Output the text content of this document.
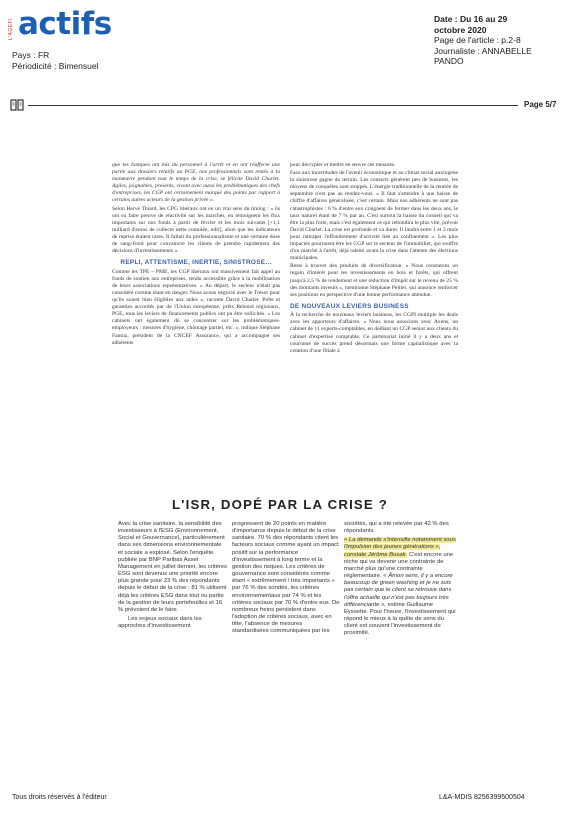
L'AGEFI actifs
Pays : FR
Périodicité : Bimensuel
Date : Du 16 au 29
octobre 2020
Page de l'article : p.2-8
Journaliste : ANNABELLE
PANDO
Page 5/7

que les banques ont mis du personnel à l'arrêt et en ont réaffecté une partie aux dossiers relatifs au PGE, nos professionnels sont restés à la manœuvre pendant tout le temps de la crise, se félicite David Charlet. Agiles, joignables, présents, vivant avec aussi les problématiques des chefs d'entreprises, les CGP ont certainement marqué des points par rapport à certains autres acteurs de la gestion privée ».

Selon Hervé Thiard, les CPG libéraux ont eu un vrai sens du timing : « ils ont su faire preuve de réactivité sur les marchés, en témoignent les flux importants sur nos fonds à partir de février et les mois suivants [+1,1 milliard d'euros de collecte nette cumulée, ndlr], alors que les indicateurs de reprise étaient rares. Il fallait du professionnalisme et une certaine dose de sang-froid pour convaincre les clients de prendre rapidement des décisions d'investissements ».

REPLI, ATTENTISME, INERTIE, SINISTROSE...

Comme les TPE – PME, les CGP libéraux ont massivement fait appel au fonds de soutien aux entreprises, rendu accessible grâce à la mobilisation de leurs associations représentatives. « Au départ, le secteur n'était pas considéré comme étant en danger. Nous avons négocié avec le Trésor pour qu'ils soient bien éligibles aux aides », raconte David Charlet. Prêts et garanties accordés par de l'Union européenne, prêts Rebond régionaux, PGE, tous les leviers de financements publics ont pu être sollicités. « Les cabinets ont également dû se concentrer sur les problématiques-employeurs : mesures d'hygiène, chômage partiel, etc. », indique Stéphane Fantuz, président de la CNCEF Assurance, qui a accompagné ses adhérents

pour décrypter et mettre en œuvre ces mesures.

Face aux incertitudes de l'avenir économique et au climat social anxiogène la sinistrose gagne du terrain. Les contacts générent peu de business, les moyens de conquêtes sont stoppés. L'énergie traditionnelle de la rentrée de septembre n'est pas au rendez-vous. « Il faut s'attendre à une baisse de chiffre d'affaires généralisée, c'est certain. Mais nos adhérents ne sont pas catastrophistes : 6 % d'entre eux craignent de fermer dans les deux ans, le taux naturel étant de 7 % par an. C'est surtout la baisse du conseil qui va être la plus forte, mais c'est également ce qui rebondira le plus vite, prévoit David Charlet. La crise est profonde et va durer. Il faudra entre 1 et 3 mois pour rattraper l'effondrement d'activité liée au confinement ». Les plus impactés pourraient être les CGP sur le secteur de l'immobilier, qui souffre d'un marché à l'arrêt, déjà ralenti avant la crise dans l'attente des élections municipales.

Reste à trouver des produits de diversification. « Nous constatons un regain d'intérêt pour les investissements en bois et forêts, qui offrent jusqu'à 2,5 % de rendement et une réduction d'impôt sur le revenu de 25 % des montants investis », mentionne Stéphane Peltier, qui annonce renforcer ses positions en perspective d'une bonne performance attendue.

DE NOUVEAUX LEVIERS BUSINESS

À la recherche de nouveaux leviers business, les CGPI multiple les deals avec les apporteurs d'affaires. « Nous nous associons avec Axens, un cabinet de 11 experts-comptables, en dédiant un CGP senior aux clients du cabinet d'expertise comptable. Ce partenariat initié il y a deux ans et couronné de succès prend désormais une forme capitalistique avec la création d'une filiale à

L'ISR, DOPÉ PAR LA CRISE ?

Avec la crise sanitaire, la sensibilité des investisseurs à l'ESG (Environnement, Social et Gouvernance), particulièrement dans ses dimensions environnementale et sociale a explosé. Selon l'enquête publiée par BNP Paribas Asset Management en juillet dernier, les critères ESG sont devenus une priorité encore plus grande pour 23 % des répondants depuis le début de la crise : 81 % utilisent déjà les critères ESG dans tout ou partie de la gestion de leurs portefeuilles et 16 % prévoient de le faire.

Les enjeux sociaux dans les approches d'investissement

progressent de 20 points en matière d'importance depuis le début de la crise sanitaire. 70 % des répondants citent les facteurs sociaux comme ayant un impact positif sur la performance d'investissement à long terme et la gestion des risques. Les critères de gouvernance sont considérés comme étant « extrêmement / très importants » par 76 % des sondés, les critères environnementaux par 74 % et les critères sociaux par 70 % d'entre eux. De nombreux freins persistent dans l'adoption de critères sociaux, avec en tête, l'absence de mesures standardisées communiquées par les

sociétés, qui a été relevée par 42 % des répondants.

« La demande s'intensifie notamment sous l'impulsion des jeunes générations », constate Jérôme Busak. C'est encore une niche qui va devenir une contrainte de marché plus qu'une contrainte réglementaire. « Âmon sens, il y a encore beaucoup de green washing et je ne suis pas certain que le client se retrouve dans l'offre actuelle qui n'est pas toujours très différenciante », estime Guillaume Eyssette. Pour l'heure, l'investissement qui répond le mieux à la quête de sens du client est souvent l'investissement de proximité.

Tous droits réservés à l'éditeur	L&A-MDIS 8256399500504
